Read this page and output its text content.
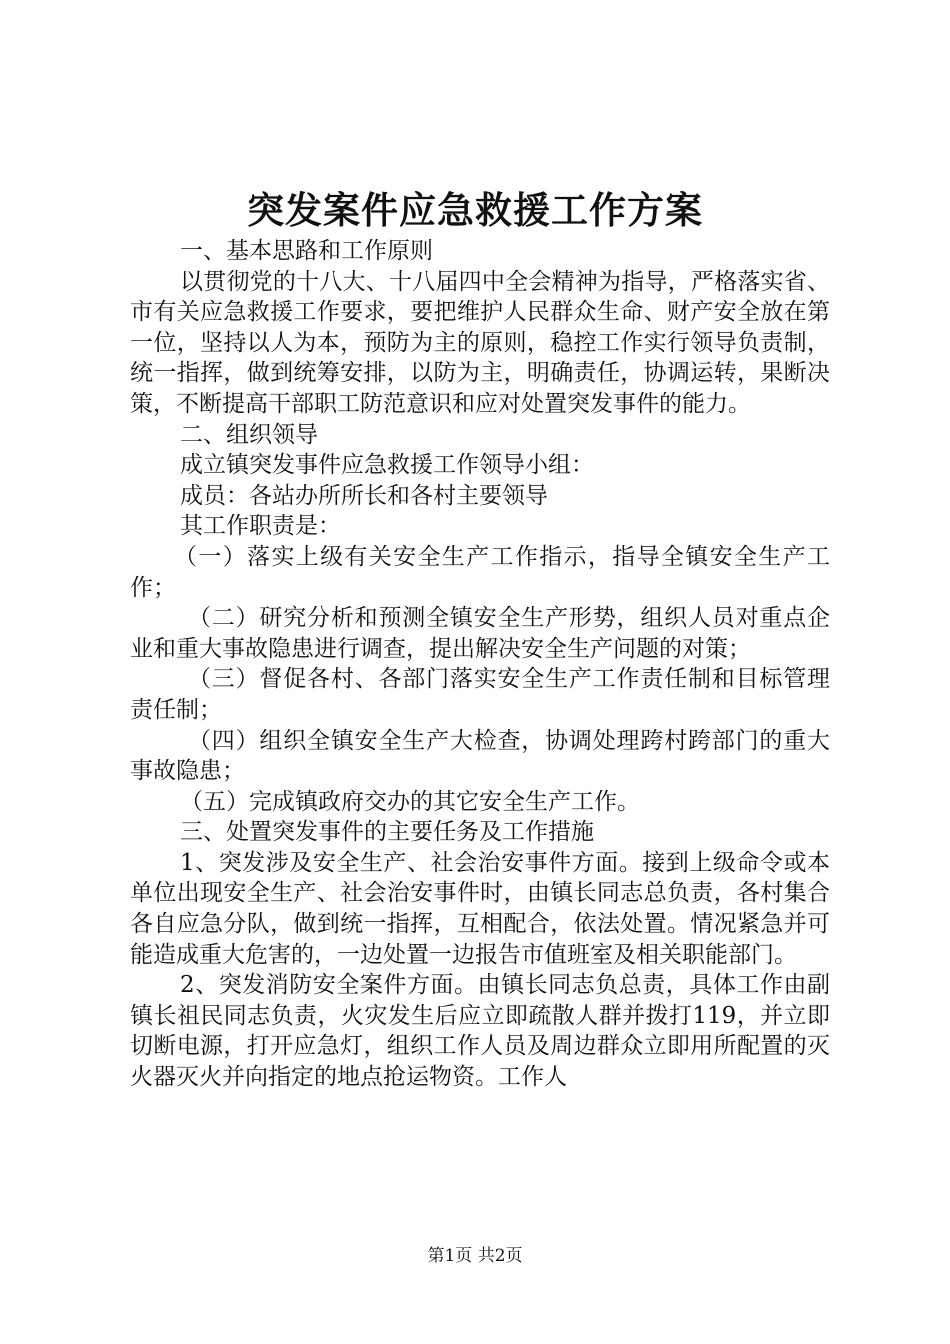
突发案件应急救援工作方案

一、基本思路和工作原则

以贯彻党的十八大、十八届四中全会精神为指导，严格落实省、市有关应急救援工作要求，要把维护人民群众生命、财产安全放在第一位，坚持以人为本，预防为主的原则，稳控工作实行领导负责制，统一指挥，做到统筹安排，以防为主，明确责任，协调运转，果断决策，不断提高干部职工防范意识和应对处置突发事件的能力。

二、组织领导

成立镇突发事件应急救援工作领导小组：

成员：各站办所所长和各村主要领导

其工作职责是：

（一）落实上级有关安全生产工作指示，指导全镇安全生产工作；

（二）研究分析和预测全镇安全生产形势，组织人员对重点企业和重大事故隐患进行调查，提出解决安全生产问题的对策；

（三）督促各村、各部门落实安全生产工作责任制和目标管理责任制；

（四）组织全镇安全生产大检查，协调处理跨村跨部门的重大事故隐患；

（五）完成镇政府交办的其它安全生产工作。

三、处置突发事件的主要任务及工作措施

1、突发涉及安全生产、社会治安事件方面。接到上级命令或本单位出现安全生产、社会治安事件时，由镇长同志总负责，各村集合各自应急分队，做到统一指挥，互相配合，依法处置。情况紧急并可能造成重大危害的，一边处置一边报告市值班室及相关职能部门。

2、突发消防安全案件方面。由镇长同志负总责，具体工作由副镇长祖民同志负责，火灾发生后应立即疏散人群并拨打119，并立即切断电源，打开应急灯，组织工作人员及周边群众立即用所配置的灭火器灭火并向指定的地点抢运物资。工作人

第1页 共2页
